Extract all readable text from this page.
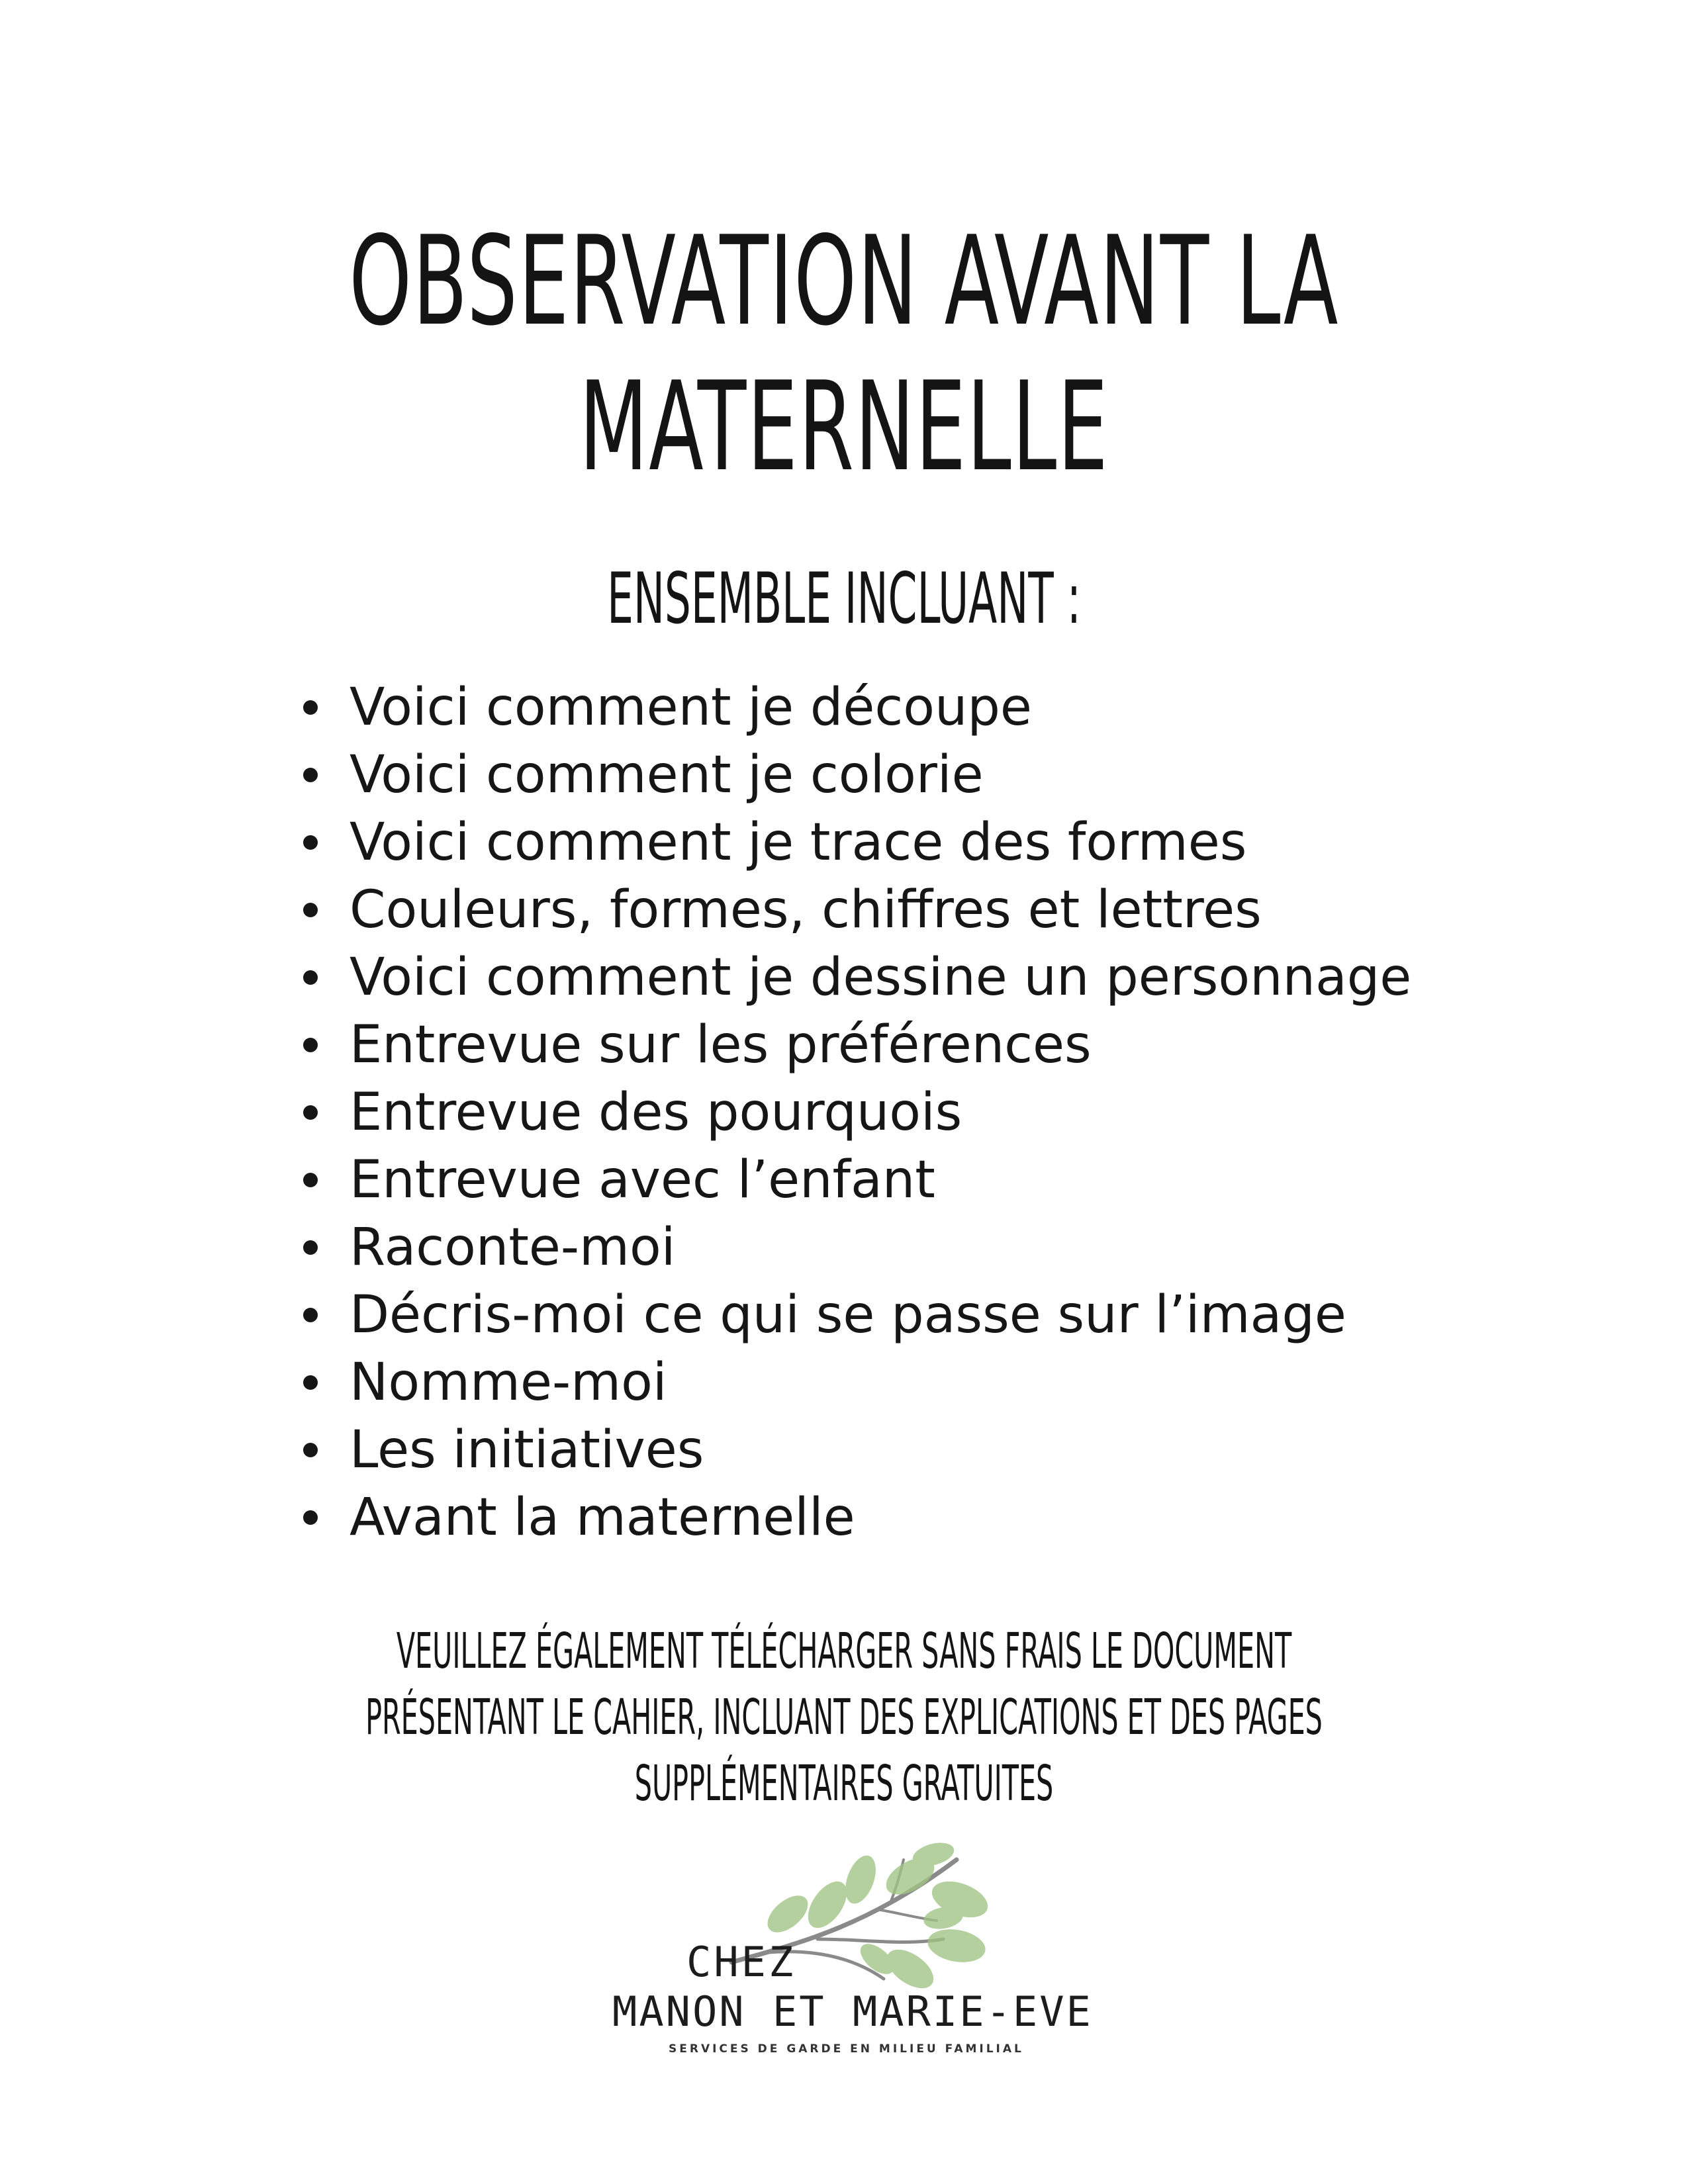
OBSERVATION AVANT LA
MATERNELLE
ENSEMBLE INCLUANT :
Voici comment je découpe
Voici comment je colorie
Voici comment je trace des formes
Couleurs, formes, chiffres et lettres
Voici comment je dessine un personnage
Entrevue sur les préférences
Entrevue des pourquois
Entrevue avec l’enfant
Raconte-moi
Décris-moi ce qui se passe sur l’image
Nomme-moi
Les initiatives
Avant la maternelle
VEUILLEZ ÉGALEMENT TÉLÉCHARGER SANS FRAIS LE DOCUMENT
PRÉSENTANT LE CAHIER, INCLUANT DES EXPLICATIONS ET DES PAGES
SUPPLÉMENTAIRES GRATUITES
CHEZ
MANON ET MARIE-EVE
SERVICES DE GARDE EN MILIEU FAMILIAL
